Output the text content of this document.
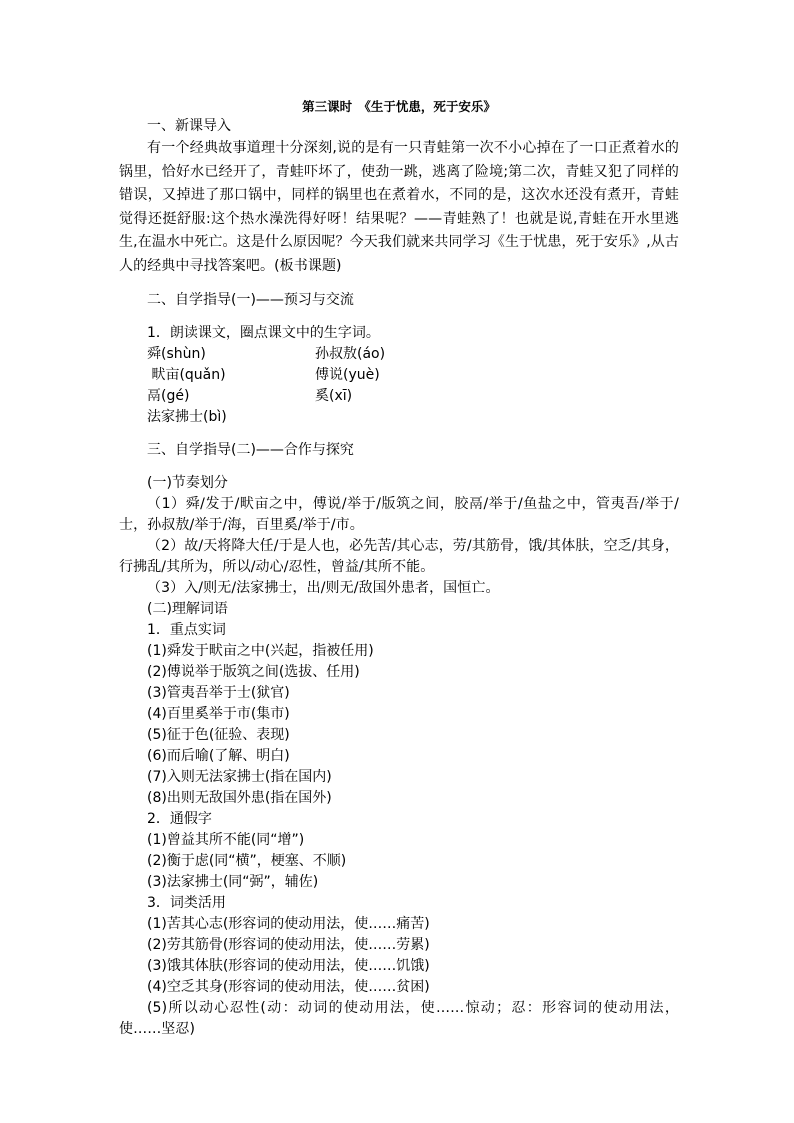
第三课时　《生于忧患，死于安乐》
一、新课导入
有一个经典故事道理十分深刻,说的是有一只青蛙第一次不小心掉在了一口正煮着水的锅里，恰好水已经开了，青蛙吓坏了，使劲一跳，逃离了险境;第二次，青蛙又犯了同样的错误，又掉进了那口锅中，同样的锅里也在煮着水，不同的是，这次水还没有煮开，青蛙觉得还挺舒服:这个热水澡洗得好呀！结果呢？——青蛙熟了！也就是说,青蛙在开水里逃生,在温水中死亡。这是什么原因呢？今天我们就来共同学习《生于忧患，死于安乐》,从古人的经典中寻找答案吧。(板书课题)
二、自学指导(一)——预习与交流
1．朗读课文，圈点课文中的生字词。
舜(shùn)	孙叔敖(áo)
畎亩(quǎn)	傅说(yuè)
鬲(gé)	奚(xī)
法家拂士(bì)
三、自学指导(二)——合作与探究
(一)节奏划分
（1）舜/发于/畎亩之中，傅说/举于/版筑之间，胶鬲/举于/鱼盐之中，管夷吾/举于/士，孙叔敖/举于/海，百里奚/举于/市。
（2）故/天将降大任/于是人也，必先苦/其心志，劳/其筋骨，饿/其体肤，空乏/其身，行拂乱/其所为，所以/动心/忍性，曾益/其所不能。
（3）入/则无/法家拂士，出/则无/敌国外患者，国恒亡。
(二)理解词语
1．重点实词
(1)舜发于畎亩之中(兴起，指被任用)
(2)傅说举于版筑之间(选拔、任用)
(3)管夷吾举于士(狱官)
(4)百里奚举于市(集市)
(5)征于色(征验、表现)
(6)而后喻(了解、明白)
(7)入则无法家拂士(指在国内)
(8)出则无敌国外患(指在国外)
2．通假字
(1)曾益其所不能(同“增”)
(2)衡于虑(同“横”，梗塞、不顺)
(3)法家拂士(同“弼”，辅佐)
3．词类活用
(1)苦其心志(形容词的使动用法，使……痛苦)
(2)劳其筋骨(形容词的使动用法，使……劳累)
(3)饿其体肤(形容词的使动用法，使……饥饿)
(4)空乏其身(形容词的使动用法，使……贫困)
(5)所以动心忍性(动：动词的使动用法，使……惊动；忍：形容词的使动用法，使……坚忍)
